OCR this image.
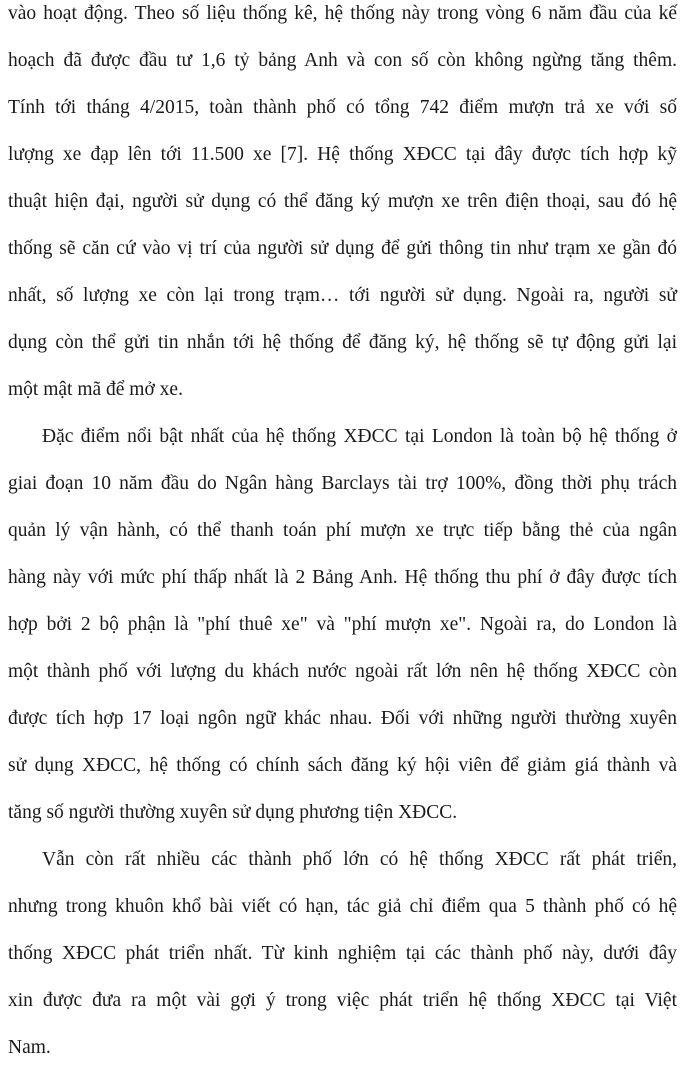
vào hoạt động. Theo số liệu thống kê, hệ thống này trong vòng 6 năm đầu của kế
hoạch đã được đầu tư 1,6 tỷ bảng Anh và con số còn không ngừng tăng thêm.
Tính tới tháng 4/2015, toàn thành phố có tổng 742 điểm mượn trả xe với số
lượng xe đạp lên tới 11.500 xe [7]. Hệ thống XĐCC tại đây được tích hợp kỹ
thuật hiện đại, người sử dụng có thể đăng ký mượn xe trên điện thoại, sau đó hệ
thống sẽ căn cứ vào vị trí của người sử dụng để gửi thông tin như trạm xe gần đó
nhất, số lượng xe còn lại trong trạm… tới người sử dụng. Ngoài ra, người sử
dụng còn thể gửi tin nhắn tới hệ thống để đăng ký, hệ thống sẽ tự động gửi lại
một mật mã để mở xe.
Đặc điểm nổi bật nhất của hệ thống XĐCC tại London là toàn bộ hệ thống ở
giai đoạn 10 năm đầu do Ngân hàng Barclays tài trợ 100%, đồng thời phụ trách
quản lý vận hành, có thể thanh toán phí mượn xe trực tiếp bằng thẻ của ngân
hàng này với mức phí thấp nhất là 2 Bảng Anh. Hệ thống thu phí ở đây được tích
hợp bởi 2 bộ phận là "phí thuê xe" và "phí mượn xe". Ngoài ra, do London là
một thành phố với lượng du khách nước ngoài rất lớn nên hệ thống XĐCC còn
được tích hợp 17 loại ngôn ngữ khác nhau. Đối với những người thường xuyên
sử dụng XĐCC, hệ thống có chính sách đăng ký hội viên để giảm giá thành và
tăng số người thường xuyên sử dụng phương tiện XĐCC.
Vẫn còn rất nhiều các thành phố lớn có hệ thống XĐCC rất phát triển,
nhưng trong khuôn khổ bài viết có hạn, tác giả chỉ điểm qua 5 thành phố có hệ
thống XĐCC phát triển nhất. Từ kinh nghiệm tại các thành phố này, dưới đây
xin được đưa ra một vài gợi ý trong việc phát triển hệ thống XĐCC tại Việt
Nam.
